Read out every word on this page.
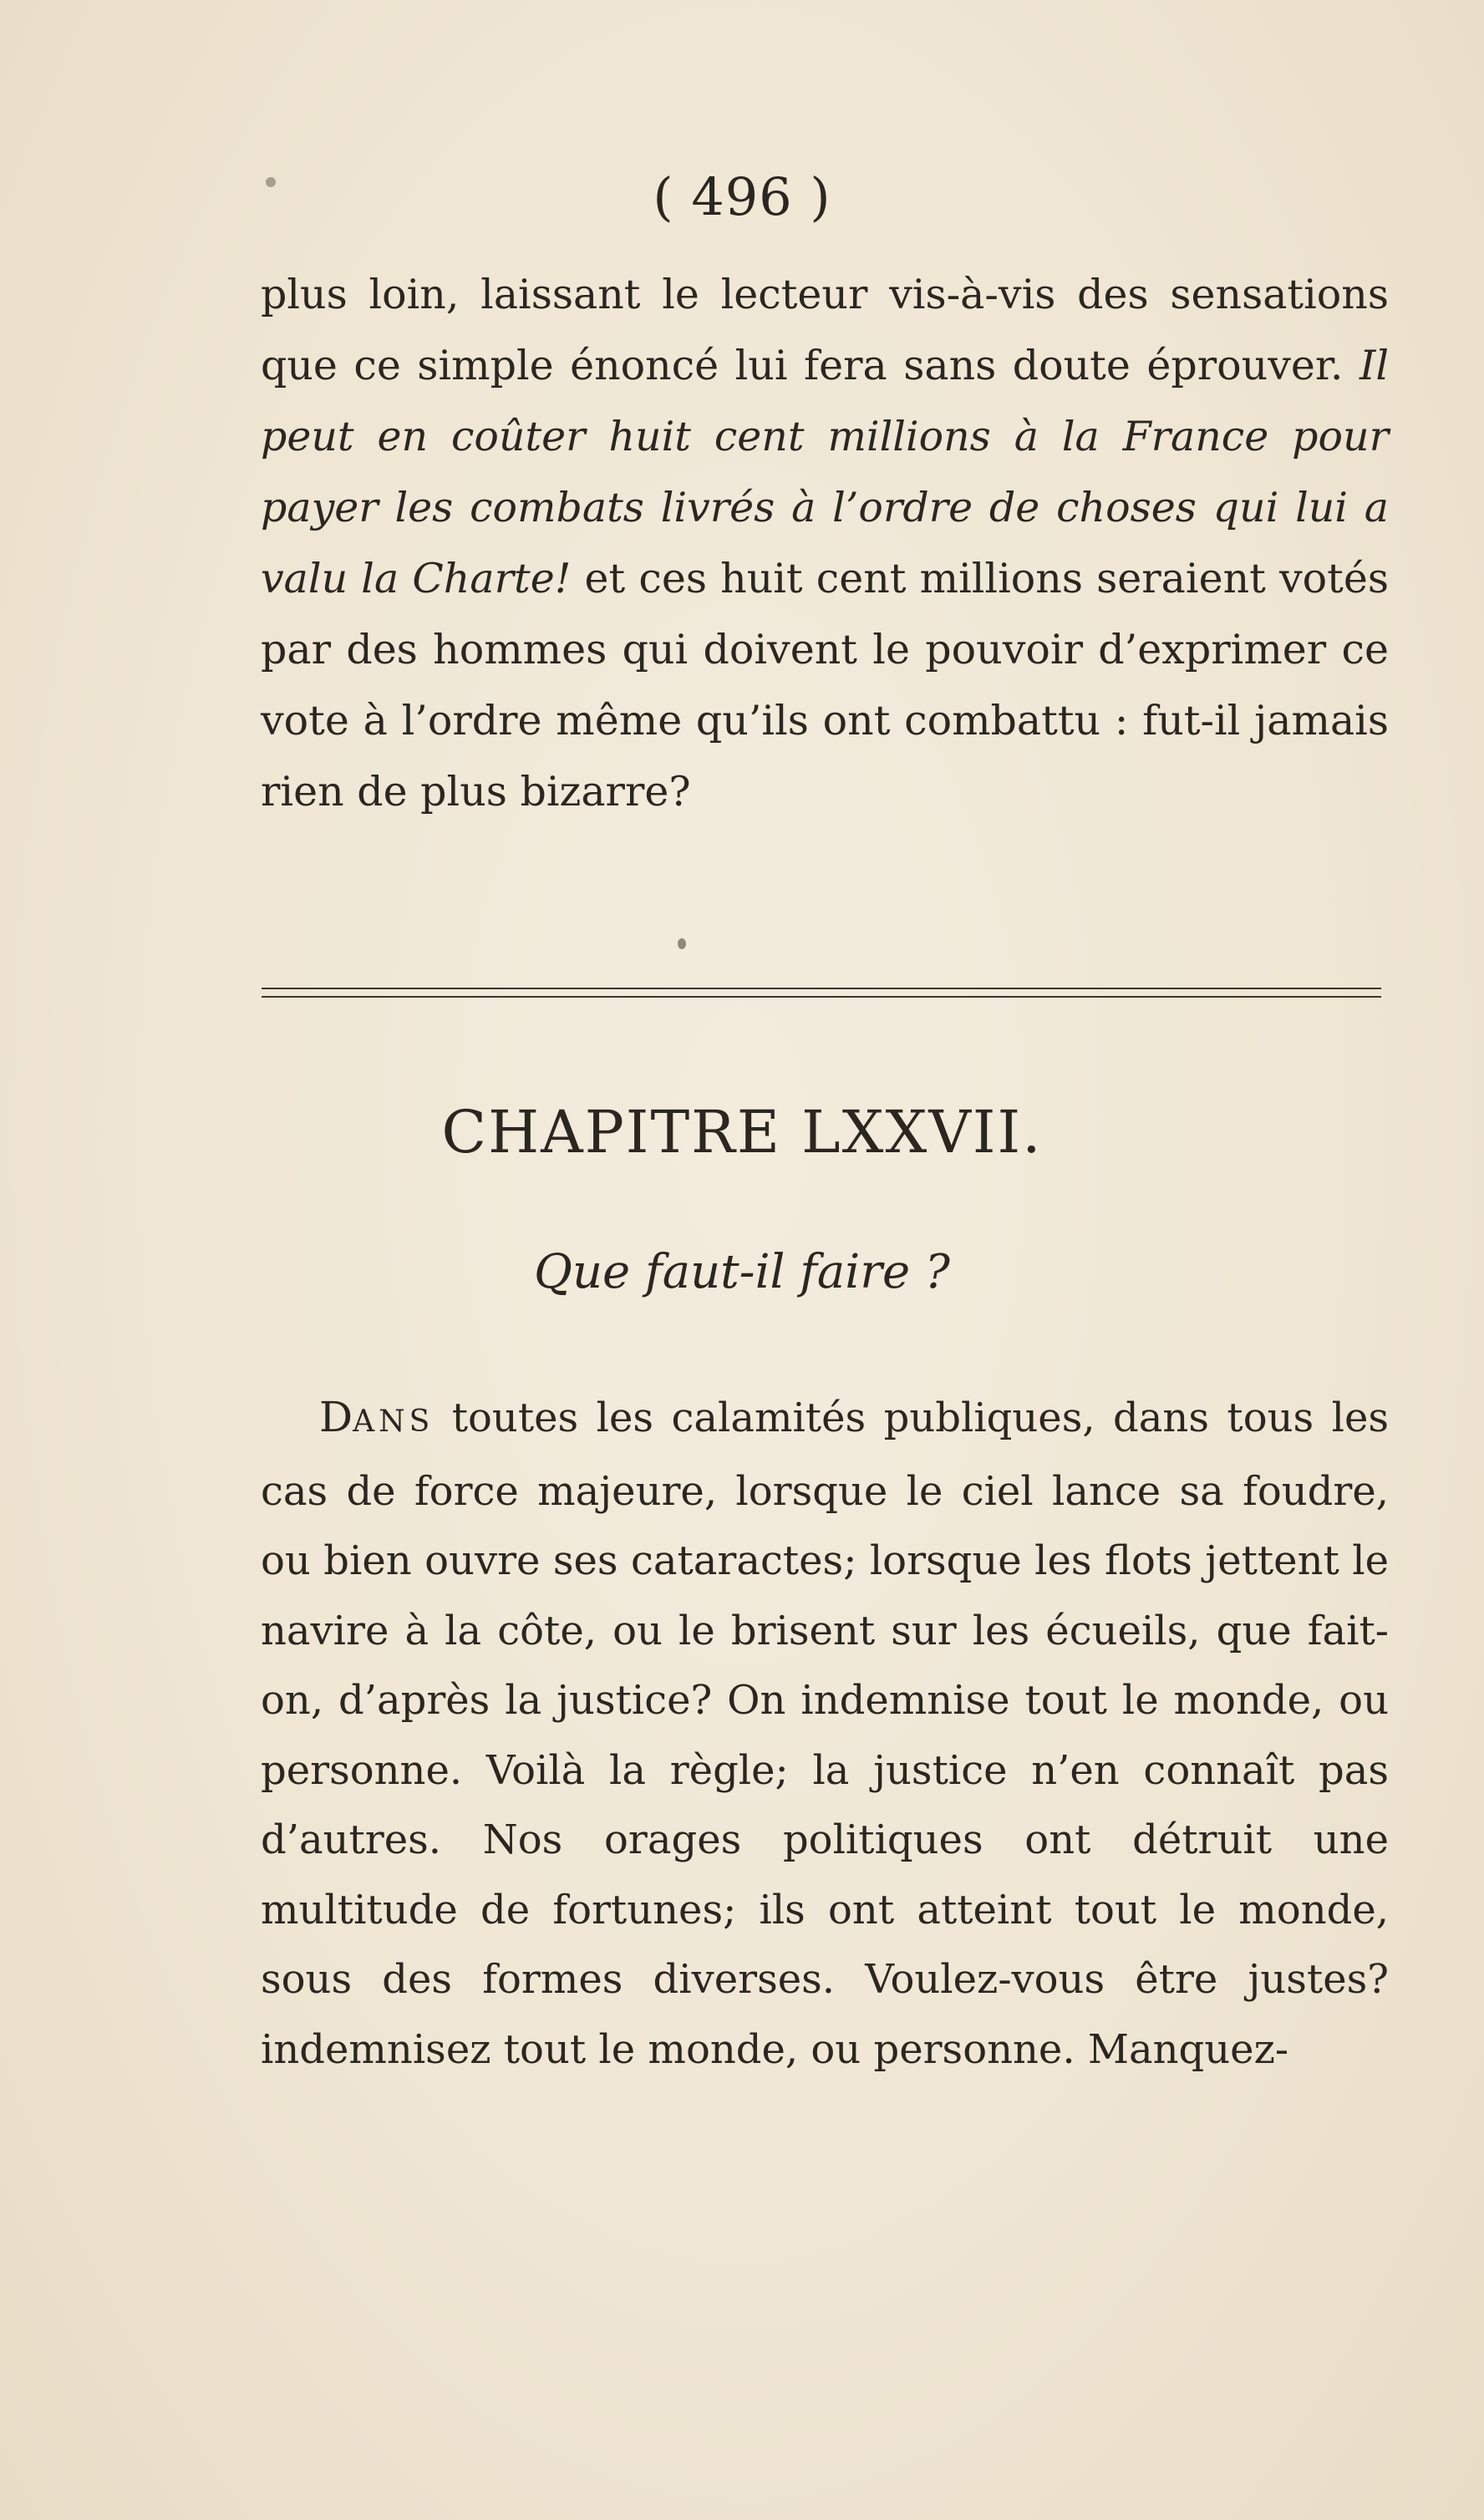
( 496 )

plus loin, laissant le lecteur vis-à-vis des sensations que ce simple énoncé lui fera sans doute éprouver. Il peut en coûter huit cent millions à la France pour payer les combats livrés à l’ordre de choses qui lui a valu la Charte! et ces huit cent millions seraient votés par des hommes qui doivent le pouvoir d’exprimer ce vote à l’ordre même qu’ils ont combattu : fut-il jamais rien de plus bizarre?

CHAPITRE LXXVII.
Que faut-il faire ?

DANS toutes les calamités publiques, dans tous les cas de force majeure, lorsque le ciel lance sa foudre, ou bien ouvre ses cataractes; lorsque les flots jettent le navire à la côte, ou le brisent sur les écueils, que fait-on, d’après la justice? On indemnise tout le monde, ou personne. Voilà la règle; la justice n’en connaît pas d’autres. Nos orages politiques ont détruit une multitude de fortunes; ils ont atteint tout le monde, sous des formes diverses. Voulez-vous être justes? indemnisez tout le monde, ou personne. Manquez-
